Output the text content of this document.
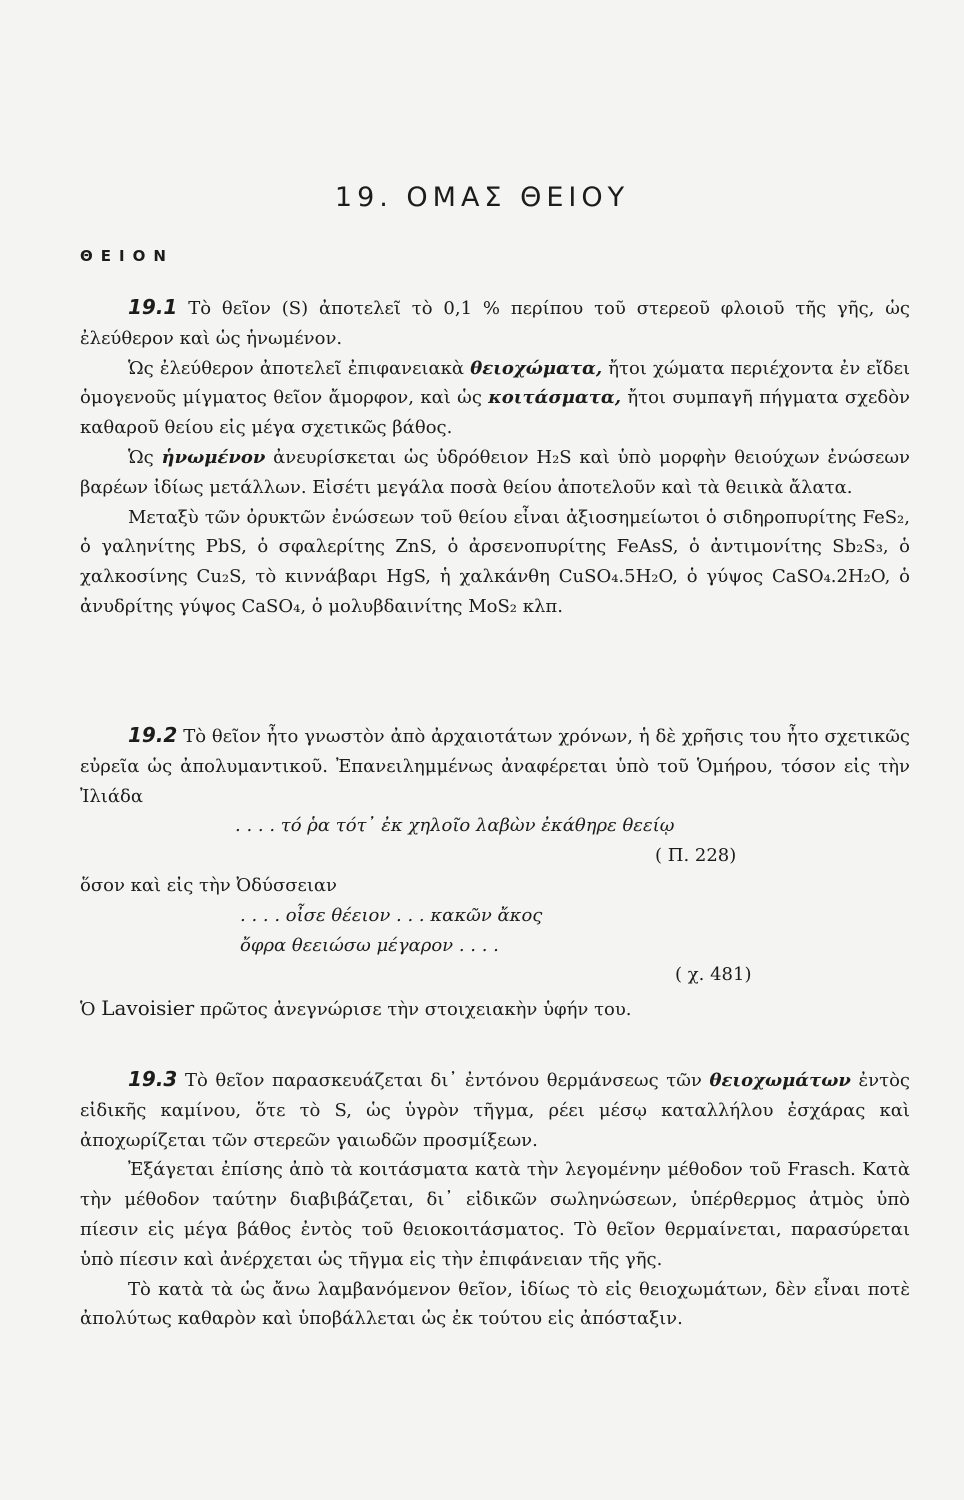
19. ΟΜΑΣ ΘΕΙΟΥ
ΘΕΙΟΝ

19.1 Τὸ θεῖον (S) ἀποτελεῖ τὸ 0,1 % περίπου τοῦ στερεοῦ φλοιοῦ τῆς γῆς, ὡς ἐλεύθερον καὶ ὡς ἡνωμένον.

Ὡς ἐλεύθερον ἀποτελεῖ ἐπιφανειακὰ θειοχώματα, ἤτοι χώματα περιέχοντα ἐν εἴδει ὁμογενοῦς μίγματος θεῖον ἄμορφον, καὶ ὡς κοιτάσματα, ἤτοι συμπαγῆ πήγματα σχεδὸν καθαροῦ θείου εἰς μέγα σχετικῶς βάθος.

Ὡς ἡνωμένον ἀνευρίσκεται ὡς ὑδρόθειον H₂S καὶ ὑπὸ μορφὴν θειούχων ἐνώσεων βαρέων ἰδίως μετάλλων. Εἰσέτι μεγάλα ποσὰ θείου ἀποτελοῦν καὶ τὰ θειικὰ ἄλατα.

Μεταξὺ τῶν ὀρυκτῶν ἐνώσεων τοῦ θείου εἶναι ἀξιοσημείωτοι ὁ σιδηροπυρίτης FeS₂, ὁ γαληνίτης PbS, ὁ σφαλερίτης ZnS, ὁ ἀρσενοπυρίτης FeAsS, ὁ ἀντιμονίτης Sb₂S₃, ὁ χαλκοσίνης Cu₂S, τὸ κιννάβαρι HgS, ἡ χαλκάνθη CuSO₄.5H₂O, ὁ γύψος CaSO₄.2H₂O, ὁ ἀνυδρίτης γύψος CaSO₄, ὁ μολυβδαινίτης MoS₂ κλπ.

19.2 Τὸ θεῖον ἦτο γνωστὸν ἀπὸ ἀρχαιοτάτων χρόνων, ἡ δὲ χρῆσις του ἦτο σχετικῶς εὐρεῖα ὡς ἀπολυμαντικοῦ. Ἐπανειλημμένως ἀναφέρεται ὑπὸ τοῦ Ὁμήρου, τόσον εἰς τὴν Ἰλιάδα

. . . . τό ῥα τότ᾽ ἐκ χηλοῖο λαβὼν ἐκάθηρε θεείῳ

( Π. 228)

ὅσον καὶ εἰς τὴν Ὀδύσσειαν

. . . . οἶσε θέειον . . . κακῶν ἄκος

ὄφρα θεειώσω μέγαρον . . . .

( χ. 481)

Ὁ Lavoisier πρῶτος ἀνεγνώρισε τὴν στοιχειακὴν ὑφήν του.

19.3 Τὸ θεῖον παρασκευάζεται δι᾽ ἐντόνου θερμάνσεως τῶν θειοχωμάτων ἐντὸς εἰδικῆς καμίνου, ὅτε τὸ S, ὡς ὑγρὸν τῆγμα, ρέει μέσῳ καταλλήλου ἐσχάρας καὶ ἀποχωρίζεται τῶν στερεῶν γαιωδῶν προσμίξεων.

Ἐξάγεται ἐπίσης ἀπὸ τὰ κοιτάσματα κατὰ τὴν λεγομένην μέθοδον τοῦ Frasch. Κατὰ τὴν μέθοδον ταύτην διαβιβάζεται, δι᾽ εἰδικῶν σωληνώσεων, ὑπέρθερμος ἀτμὸς ὑπὸ πίεσιν εἰς μέγα βάθος ἐντὸς τοῦ θειοκοιτάσματος. Τὸ θεῖον θερμαίνεται, παρασύρεται ὑπὸ πίεσιν καὶ ἀνέρχεται ὡς τῆγμα εἰς τὴν ἐπιφάνειαν τῆς γῆς.

Τὸ κατὰ τὰ ὡς ἄνω λαμβανόμενον θεῖον, ἰδίως τὸ εἰς θειοχωμάτων, δὲν εἶναι ποτὲ ἀπολύτως καθαρὸν καὶ ὑποβάλλεται ὡς ἐκ τούτου εἰς ἀπόσταξιν.
